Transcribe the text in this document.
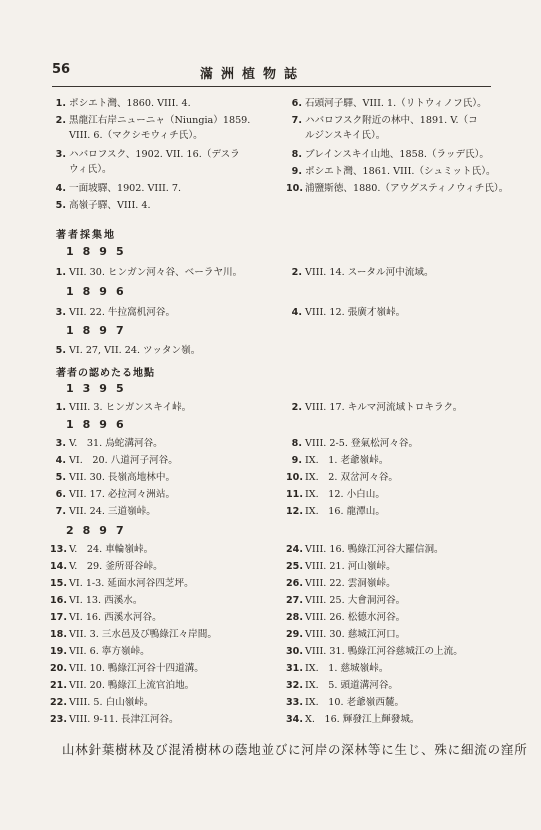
56	滿洲植物誌
1. ポシエト灣、1860. VIII. 4.
2. 黒龍江右岸ニューニャ（Niungia）1859.
VIII. 6.（マクシモウィチ氏）。
3. ハバロフスク、1902. VII. 16.（デスラ
ウィ氏）。
4. 一面坡驛、1902. VIII. 7.
5. 高嶺子驛、VIII. 4.
6. 石頭河子驛、VIII. 1.（リトウィノフ氏）。
7. ハバロフスク附近の林中、1891. V.（コ
ルジンスキイ氏）。
8. ブレインスキイ山地、1858.（ラッデ氏）。
9. ポシエト灣、1861. VIII.（シュミット氏）。
10. 浦鹽斯徳、1880.（アウグスティノウィチ氏）。
著者採集地
1895
1. VII. 30. ヒンガン河々谷、ベーラヤ川。	2. VIII. 14. スータル河中流域。
1896
3. VII. 22. 牛拉窩机河谷。	4. VIII. 12. 張廣才嶺峠。
1897
5. VI. 27, VII. 24. ツッタン嶺。
著者の認めたる地點
1395
1. VIII. 3. ヒンガンスキイ峠。	2. VIII. 17. キルマ河流域トロキラク。
1896
3. V.　31. 烏蛇溝河谷。
4. VI.　20. 八道河子河谷。
5. VII. 30. 長嶺高地林中。
6. VII. 17. 必拉河々洲站。
7. VII. 24. 三道嶺峠。
8. VIII. 2-5. 登氣松河々谷。
9. IX.　1. 老爺嶺峠。
10. IX.　2. 双岔河々谷。
11. IX.　12. 小白山。
12. IX.　16. 龍潭山。
2897
13. V.　24. 車輪嶺峠。
14. V.　29. 釜所哥谷峠。
15. VI. 1-3. 延面水河谷四芝坪。
16. VI. 13. 西溪水。
17. VI. 16. 西溪水河谷。
18. VII. 3. 三水邑及び鴨綠江々岸間。
19. VII. 6. 寧方嶺峠。
20. VII. 10. 鴨綠江河谷十四道溝。
21. VII. 20. 鴨綠江上流官泊地。
22. VIII. 5. 白山嶺峠。
23. VIII. 9-11. 長津江河谷。
24. VIII. 16. 鴨綠江河谷大羅信洞。
25. VIII. 21. 河山嶺峠。
26. VIII. 22. 雲洞嶺峠。
27. VIII. 25. 大會洞河谷。
28. VIII. 26. 松德水河谷。
29. VIII. 30. 慈城江河口。
30. VIII. 31. 鴨綠江河谷慈城江の上流。
31. IX.　1. 慈城嶺峠。
32. IX.　5. 頭道溝河谷。
33. IX.　10. 老爺嶺西麓。
34. X.　16. 輝發江上輝發城。
山林針葉樹林及び混淆樹林の蔭地並びに河岸の深林等に生じ、殊に細流の窪所
